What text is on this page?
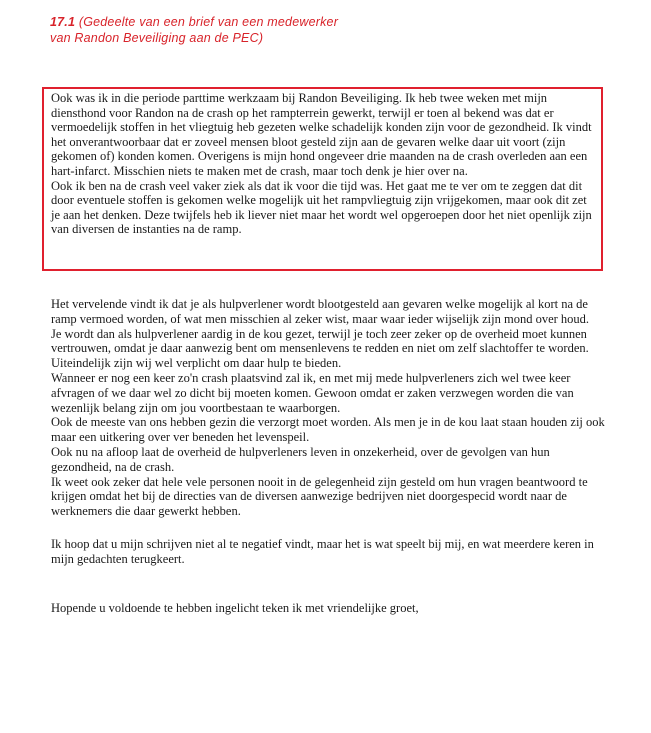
17.1 (Gedeelte van een brief van een medewerker
van Randon Beveiliging aan de PEC)

Ook was ik in die periode parttime werkzaam bij Randon Beveiliging. Ik heb twee weken met mijn diensthond voor Randon na de crash op het rampterrein gewerkt, terwijl er toen al bekend was dat er vermoedelijk stoffen in het vliegtuig heb gezeten welke schadelijk konden zijn voor de gezondheid. Ik vindt het onverantwoorbaar dat er zoveel mensen bloot gesteld zijn aan de gevaren welke daar uit voort (zijn gekomen of) konden komen. Overigens is mijn hond ongeveer drie maanden na de crash overleden aan een hart-infarct. Misschien niets te maken met de crash, maar toch denk je hier over na.

Ook ik ben na de crash veel vaker ziek als dat ik voor die tijd was. Het gaat me te ver om te zeggen dat dit door eventuele stoffen is gekomen welke mogelijk uit het rampvliegtuig zijn vrijgekomen, maar ook dit zet je aan het denken. Deze twijfels heb ik liever niet maar het wordt wel opgeroepen door het niet openlijk zijn van diversen de instanties na de ramp.

Het vervelende vindt ik dat je als hulpverlener wordt blootgesteld aan gevaren welke mogelijk al kort na de ramp vermoed worden, of wat men misschien al zeker wist, maar waar ieder wijselijk zijn mond over houd.

Je wordt dan als hulpverlener aardig in de kou gezet, terwijl je toch zeer zeker op de overheid moet kunnen vertrouwen, omdat je daar aanwezig bent om mensenlevens te redden en niet om zelf slachtoffer te worden. Uiteindelijk zijn wij wel verplicht om daar hulp te bieden.

Wanneer er nog een keer zo'n crash plaatsvind zal ik, en met mij mede hulpverleners zich wel twee keer afvragen of we daar wel zo dicht bij moeten komen. Gewoon omdat er zaken verzwegen worden die van wezenlijk belang zijn om jou voortbestaan te waarborgen.

Ook de meeste van ons hebben gezin die verzorgt moet worden. Als men je in de kou laat staan houden zij ook maar een uitkering over ver beneden het levenspeil.

Ook nu na afloop laat de overheid de hulpverleners leven in onzekerheid, over de gevolgen van hun gezondheid, na de crash.

Ik weet ook zeker dat hele vele personen nooit in de gelegenheid zijn gesteld om hun vragen beantwoord te krijgen omdat het bij de directies van de diversen aanwezige bedrijven niet doorgespecid wordt naar de werknemers die daar gewerkt hebben.

Ik hoop dat u mijn schrijven niet al te negatief vindt, maar het is wat speelt bij mij, en wat meerdere keren in mijn gedachten terugkeert.

Hopende u voldoende te hebben ingelicht teken ik met vriendelijke groet,
